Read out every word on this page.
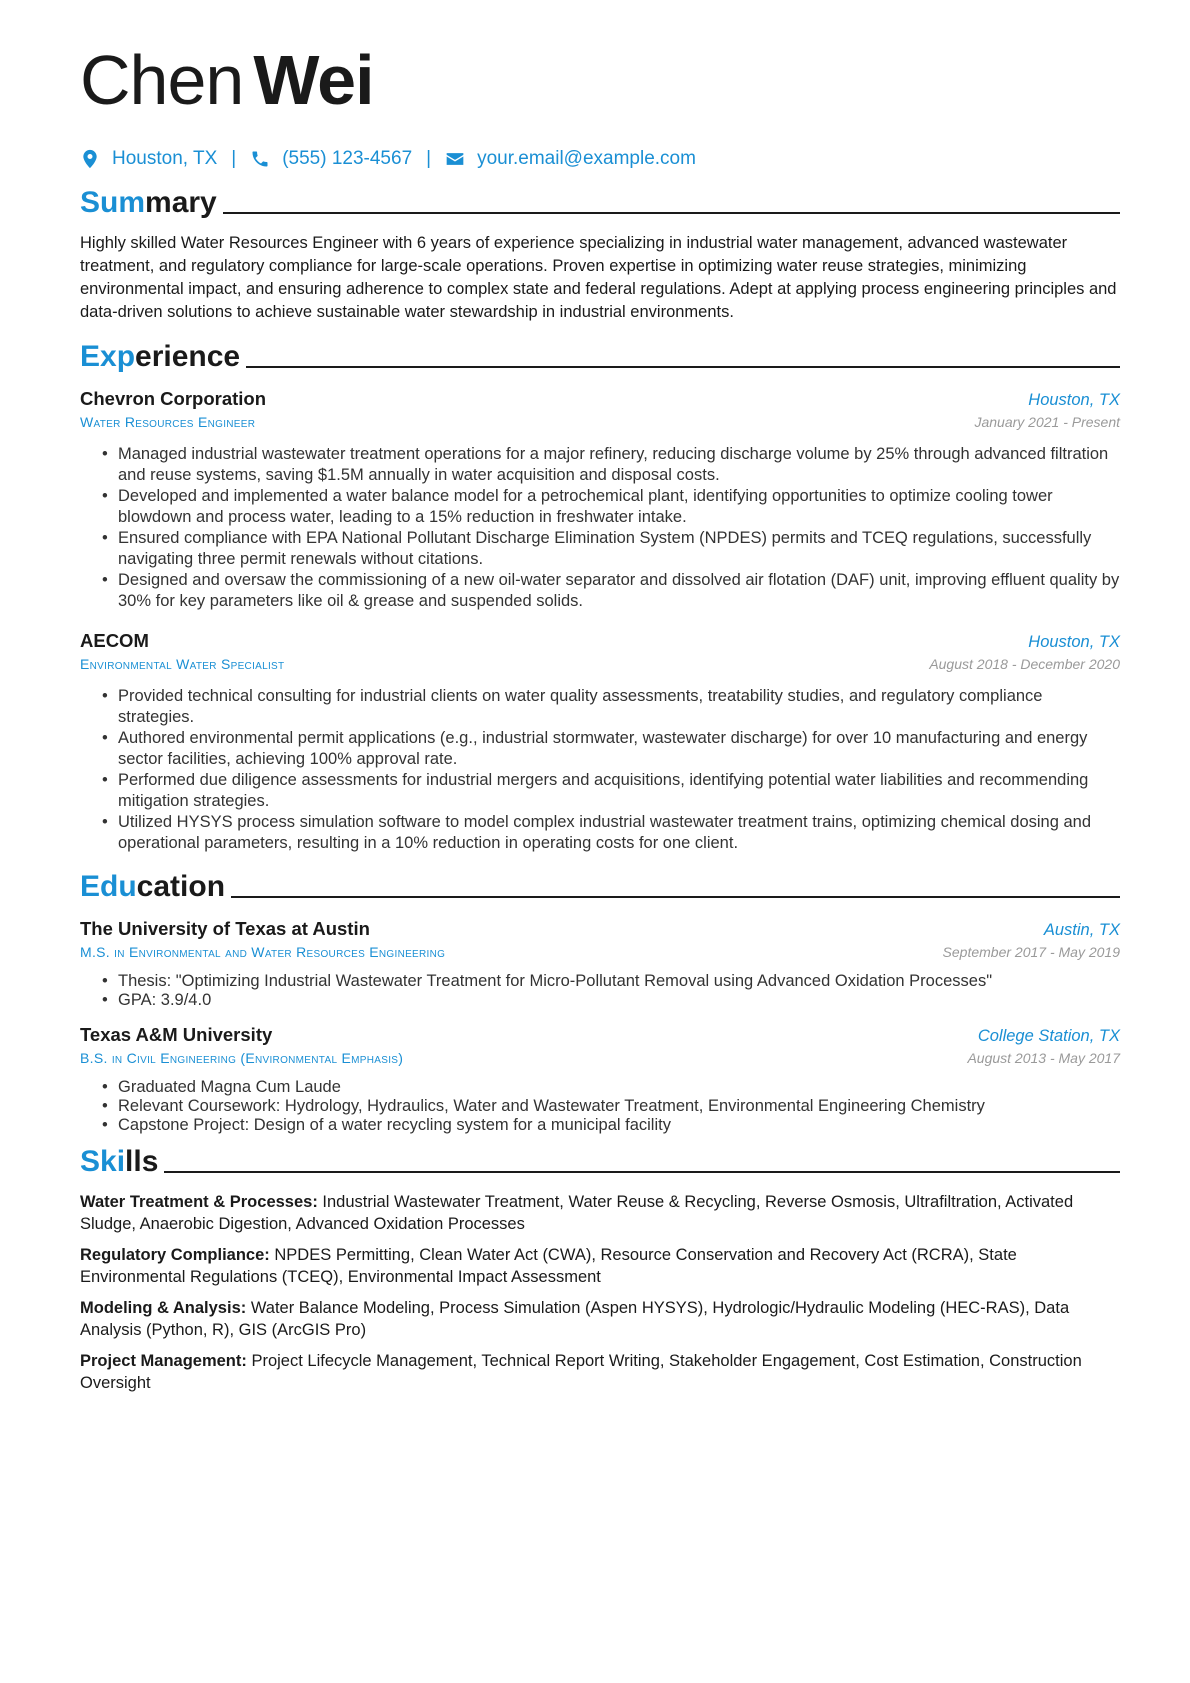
Chen Wei
Houston, TX | (555) 123-4567 | your.email@example.com
Summary
Highly skilled Water Resources Engineer with 6 years of experience specializing in industrial water management, advanced wastewater treatment, and regulatory compliance for large-scale operations. Proven expertise in optimizing water reuse strategies, minimizing environmental impact, and ensuring adherence to complex state and federal regulations. Adept at applying process engineering principles and data-driven solutions to achieve sustainable water stewardship in industrial environments.
Experience
Chevron Corporation	Houston, TX
Water Resources Engineer	January 2021 - Present
• Managed industrial wastewater treatment operations for a major refinery, reducing discharge volume by 25% through advanced filtration and reuse systems, saving $1.5M annually in water acquisition and disposal costs.
• Developed and implemented a water balance model for a petrochemical plant, identifying opportunities to optimize cooling tower blowdown and process water, leading to a 15% reduction in freshwater intake.
• Ensured compliance with EPA National Pollutant Discharge Elimination System (NPDES) permits and TCEQ regulations, successfully navigating three permit renewals without citations.
• Designed and oversaw the commissioning of a new oil-water separator and dissolved air flotation (DAF) unit, improving effluent quality by 30% for key parameters like oil & grease and suspended solids.
AECOM	Houston, TX
Environmental Water Specialist	August 2018 - December 2020
• Provided technical consulting for industrial clients on water quality assessments, treatability studies, and regulatory compliance strategies.
• Authored environmental permit applications (e.g., industrial stormwater, wastewater discharge) for over 10 manufacturing and energy sector facilities, achieving 100% approval rate.
• Performed due diligence assessments for industrial mergers and acquisitions, identifying potential water liabilities and recommending mitigation strategies.
• Utilized HYSYS process simulation software to model complex industrial wastewater treatment trains, optimizing chemical dosing and operational parameters, resulting in a 10% reduction in operating costs for one client.
Education
The University of Texas at Austin	Austin, TX
M.S. in Environmental and Water Resources Engineering	September 2017 - May 2019
• Thesis: "Optimizing Industrial Wastewater Treatment for Micro-Pollutant Removal using Advanced Oxidation Processes"
• GPA: 3.9/4.0
Texas A&M University	College Station, TX
B.S. in Civil Engineering (Environmental Emphasis)	August 2013 - May 2017
• Graduated Magna Cum Laude
• Relevant Coursework: Hydrology, Hydraulics, Water and Wastewater Treatment, Environmental Engineering Chemistry
• Capstone Project: Design of a water recycling system for a municipal facility
Skills
Water Treatment & Processes: Industrial Wastewater Treatment, Water Reuse & Recycling, Reverse Osmosis, Ultrafiltration, Activated Sludge, Anaerobic Digestion, Advanced Oxidation Processes
Regulatory Compliance: NPDES Permitting, Clean Water Act (CWA), Resource Conservation and Recovery Act (RCRA), State Environmental Regulations (TCEQ), Environmental Impact Assessment
Modeling & Analysis: Water Balance Modeling, Process Simulation (Aspen HYSYS), Hydrologic/Hydraulic Modeling (HEC-RAS), Data Analysis (Python, R), GIS (ArcGIS Pro)
Project Management: Project Lifecycle Management, Technical Report Writing, Stakeholder Engagement, Cost Estimation, Construction Oversight
